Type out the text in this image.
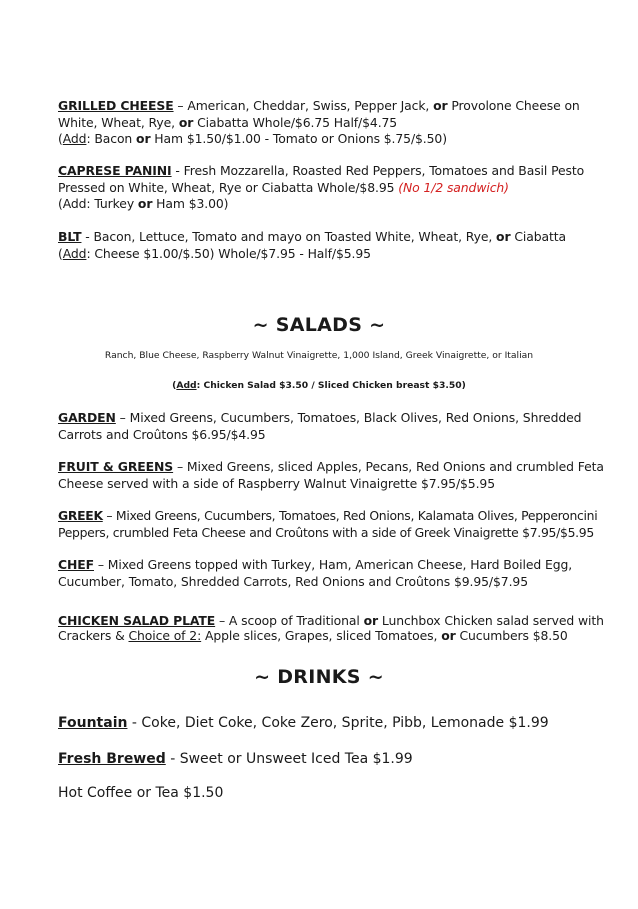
GRILLED CHEESE – American, Cheddar, Swiss, Pepper Jack, or Provolone Cheese on
White, Wheat, Rye, or Ciabatta Whole/$6.75 Half/$4.75
(Add: Bacon or Ham $1.50/$1.00 - Tomato or Onions $.75/$.50)
CAPRESE PANINI - Fresh Mozzarella, Roasted Red Peppers, Tomatoes and Basil Pesto
Pressed on White, Wheat, Rye or Ciabatta Whole/$8.95 (No 1/2 sandwich)
(Add: Turkey or Ham $3.00)
BLT - Bacon, Lettuce, Tomato and mayo on Toasted White, Wheat, Rye, or Ciabatta
(Add: Cheese $1.00/$.50) Whole/$7.95 - Half/$5.95
~ SALADS ~
Ranch, Blue Cheese, Raspberry Walnut Vinaigrette, 1,000 Island, Greek Vinaigrette, or Italian
(Add: Chicken Salad $3.50 / Sliced Chicken breast $3.50)
GARDEN – Mixed Greens, Cucumbers, Tomatoes, Black Olives, Red Onions, Shredded
Carrots and Croûtons $6.95/$4.95
FRUIT & GREENS – Mixed Greens, sliced Apples, Pecans, Red Onions and crumbled Feta
Cheese served with a side of Raspberry Walnut Vinaigrette $7.95/$5.95
GREEK – Mixed Greens, Cucumbers, Tomatoes, Red Onions, Kalamata Olives, Pepperoncini
Peppers, crumbled Feta Cheese and Croûtons with a side of Greek Vinaigrette $7.95/$5.95
CHEF – Mixed Greens topped with Turkey, Ham, American Cheese, Hard Boiled Egg,
Cucumber, Tomato, Shredded Carrots, Red Onions and Croûtons $9.95/$7.95
CHICKEN SALAD PLATE – A scoop of Traditional or Lunchbox Chicken salad served with
Crackers & Choice of 2: Apple slices, Grapes, sliced Tomatoes, or Cucumbers $8.50
~ DRINKS ~
Fountain - Coke, Diet Coke, Coke Zero, Sprite, Pibb, Lemonade $1.99
Fresh Brewed - Sweet or Unsweet Iced Tea $1.99
Hot Coffee or Tea $1.50
